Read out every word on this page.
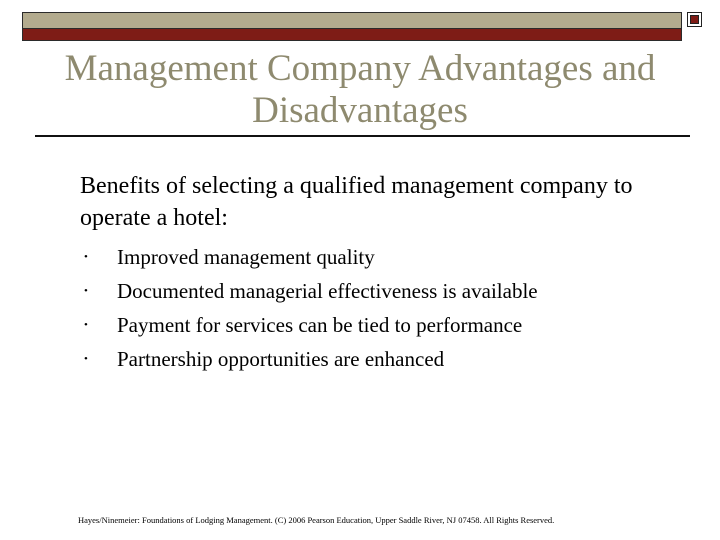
Management Company Advantages and Disadvantages
Benefits of selecting a qualified management company to operate a hotel:
•	Improved management quality
•	Documented managerial effectiveness is available
•	Payment for services can be tied to performance
•	Partnership opportunities are enhanced
Hayes/Ninemeier: Foundations of Lodging Management. (C) 2006 Pearson Education, Upper Saddle River, NJ 07458. All Rights Reserved.
